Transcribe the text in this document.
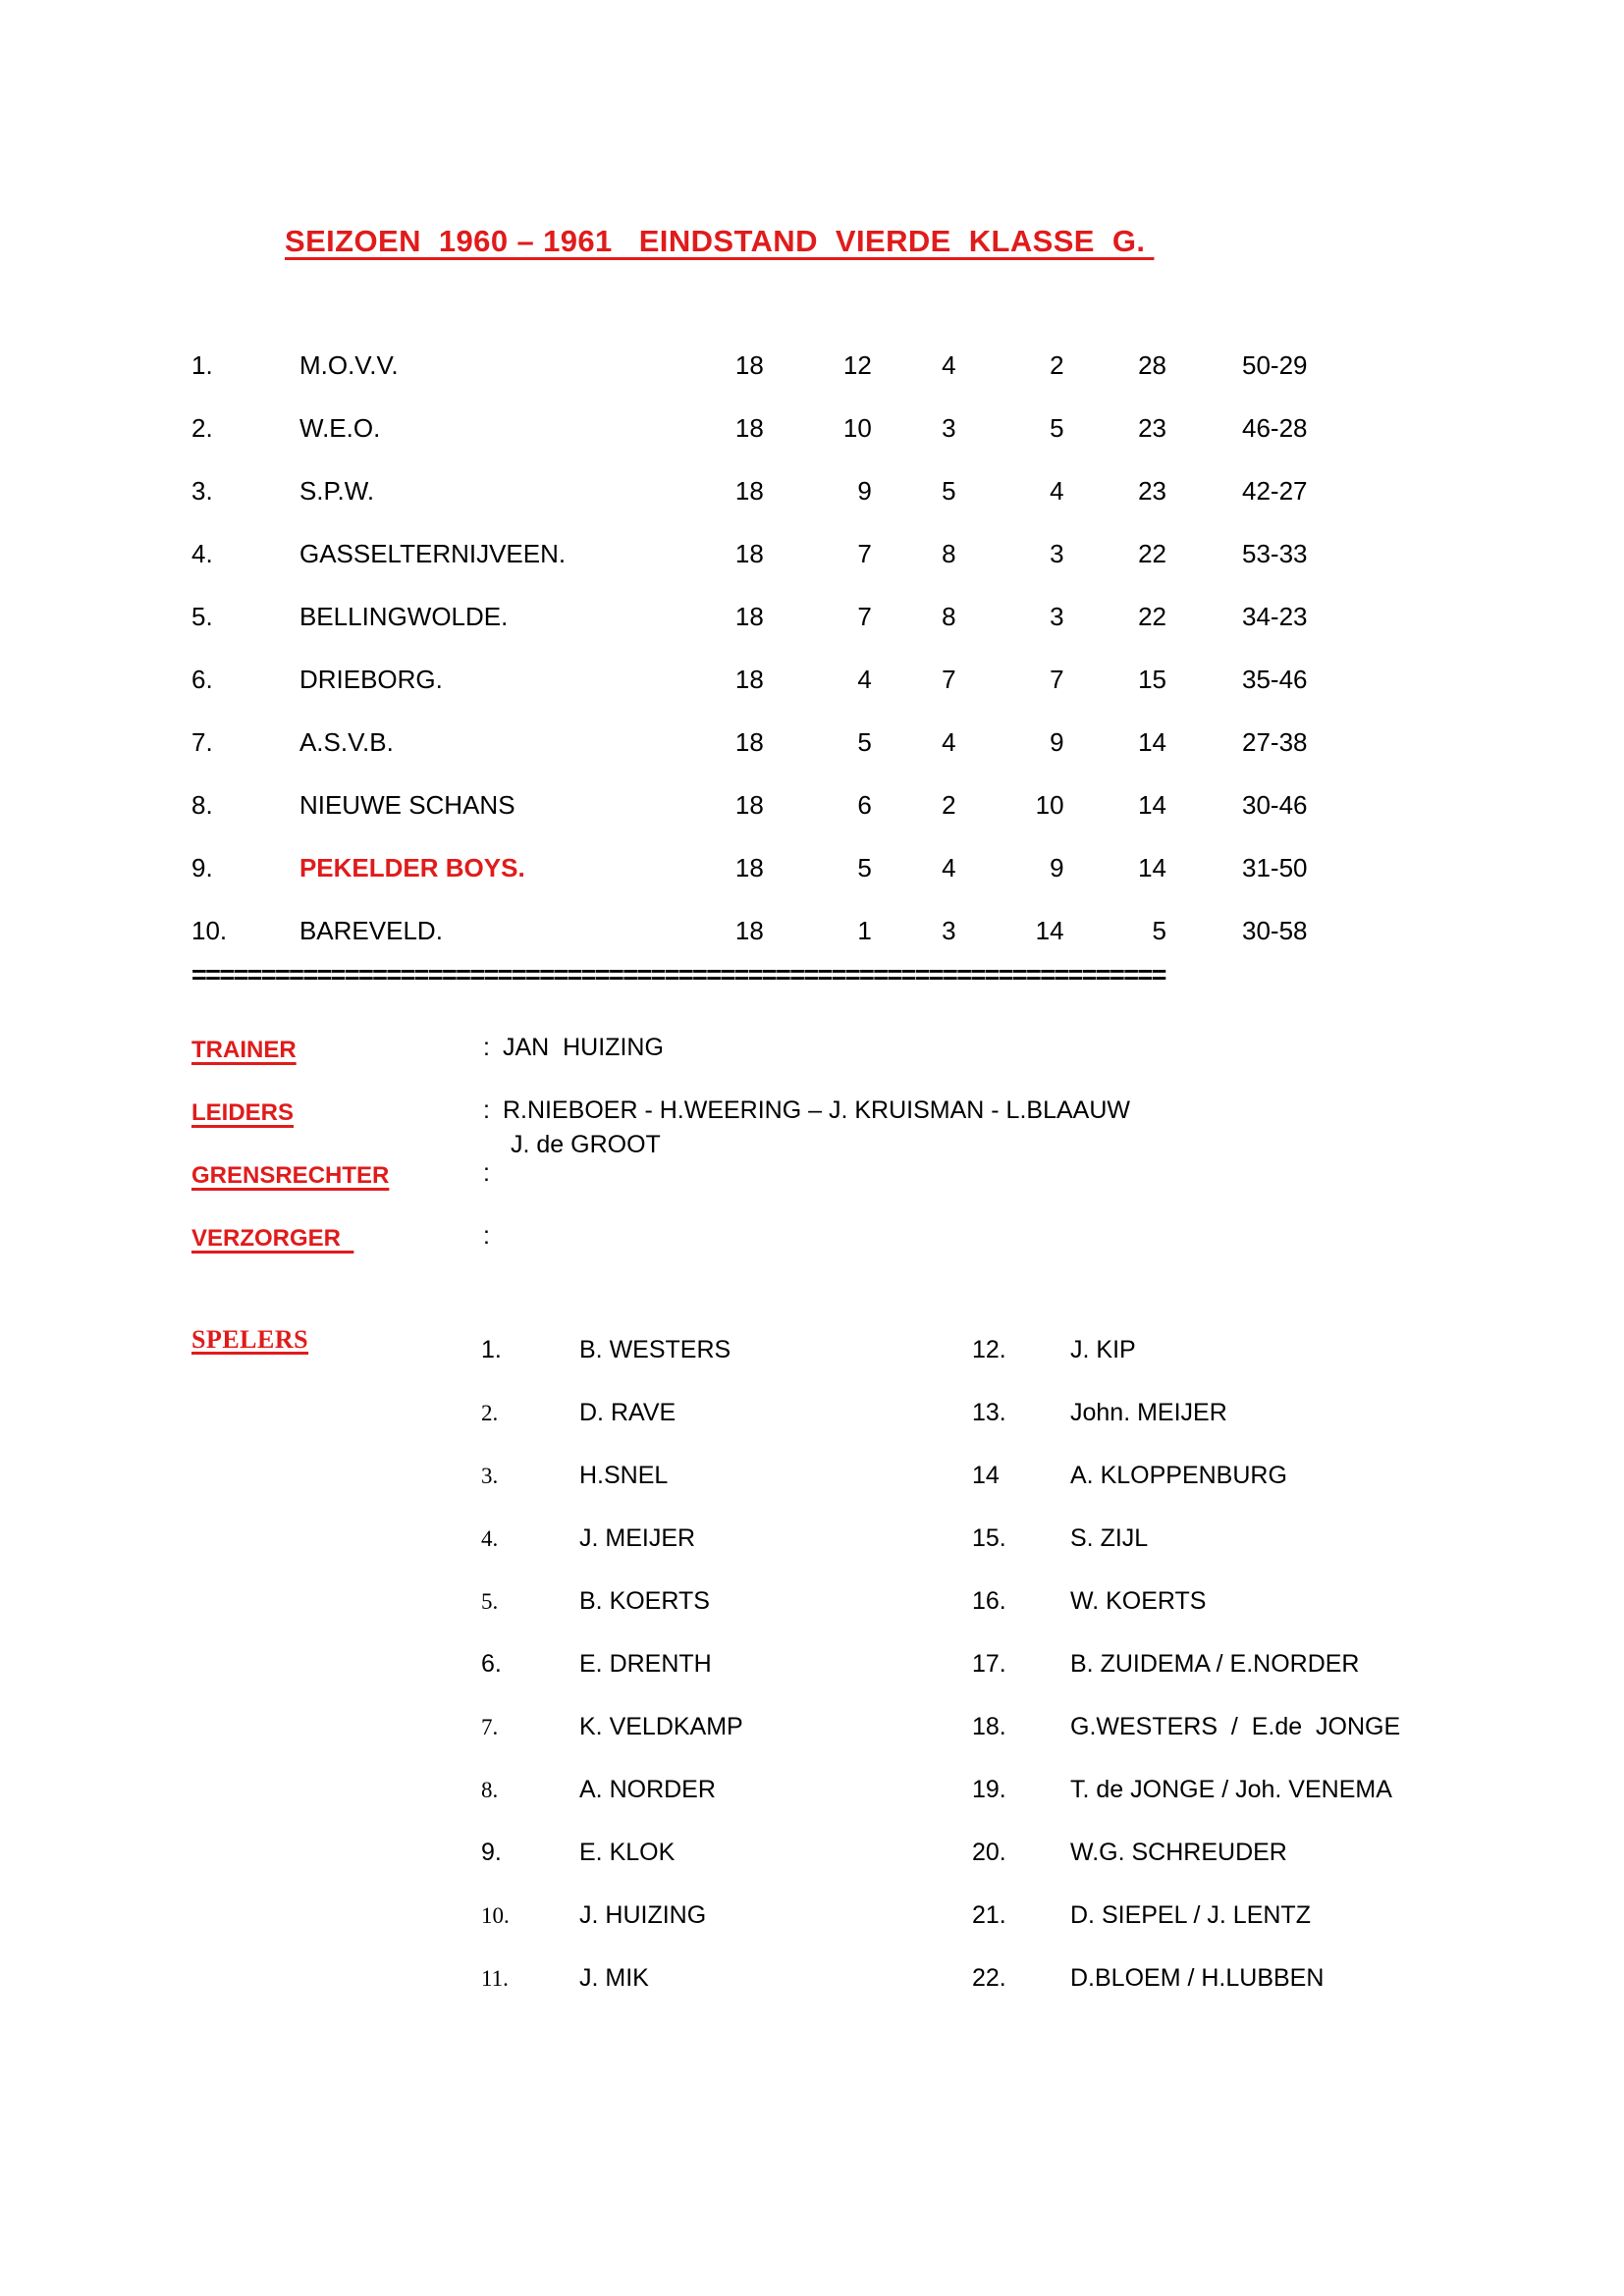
SEIZOEN  1960 – 1961   EINDSTAND  VIERDE  KLASSE  G.
1.	M.O.V.V.	18	12	4	2	28	50-29
2.	W.E.O.	18	10	3	5	23	46-28
3.	S.P.W.	18	9	5	4	23	42-27
4.	GASSELTERNIJVEEN.	18	7	8	3	22	53-33
5.	BELLINGWOLDE.	18	7	8	3	22	34-23
6.	DRIEBORG.	18	4	7	7	15	35-46
7.	A.S.V.B.	18	5	4	9	14	27-38
8.	NIEUWE SCHANS	18	6	2	10	14	30-46
9.	PEKELDER BOYS.	18	5	4	9	14	31-50
10.	BAREVELD.	18	1	3	14	5	30-58
======================================================================
TRAINER	: JAN  HUIZING
LEIDERS	: R.NIEBOER - H.WEERING – J. KRUISMAN - L.BLAAUW
J. de GROOT
GRENSRECHTER	:
VERZORGER	:
SPELERS	1.	B. WESTERS
2.	D. RAVE
3.	H.SNEL
4.	J. MEIJER
5.	B. KOERTS
6.	E. DRENTH
7.	K. VELDKAMP
8.	A. NORDER
9.	E. KLOK
10.	J. HUIZING
11.	J. MIK
12.	J. KIP
13.	John. MEIJER
14	A. KLOPPENBURG
15.	S. ZIJL
16.	W. KOERTS
17.	B. ZUIDEMA / E.NORDER
18.	G.WESTERS  /  E.de  JONGE
19.	T. de JONGE / Joh. VENEMA
20.	W.G. SCHREUDER
21.	D. SIEPEL / J. LENTZ
22.	D.BLOEM / H.LUBBEN
